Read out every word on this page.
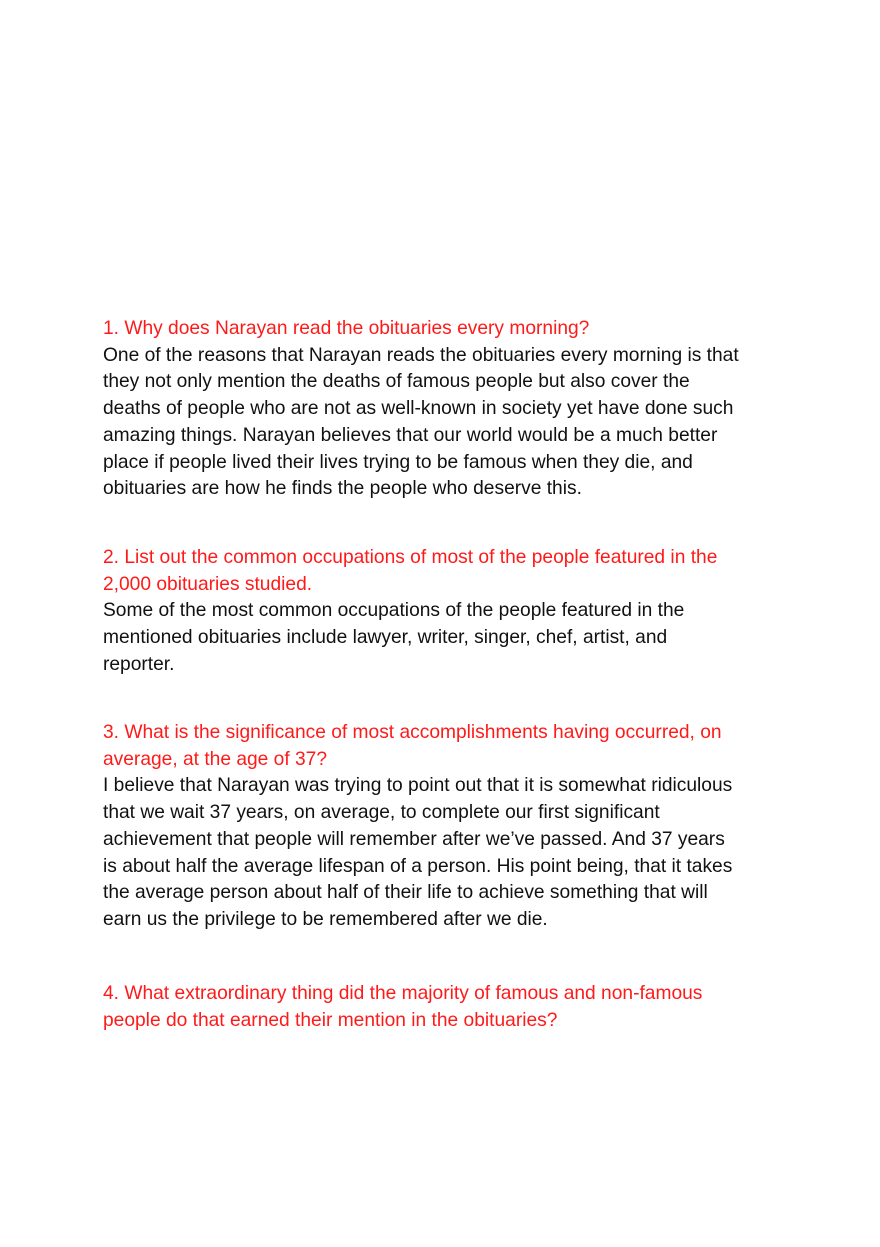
1. Why does Narayan read the obituaries every morning?
One of the reasons that Narayan reads the obituaries every morning is that
they not only mention the deaths of famous people but also cover the
deaths of people who are not as well-known in society yet have done such
amazing things. Narayan believes that our world would be a much better
place if people lived their lives trying to be famous when they die, and
obituaries are how he finds the people who deserve this.
2. List out the common occupations of most of the people featured in the
2,000 obituaries studied.
Some of the most common occupations of the people featured in the
mentioned obituaries include lawyer, writer, singer, chef, artist, and
reporter.
3. What is the significance of most accomplishments having occurred, on
average, at the age of 37?
I believe that Narayan was trying to point out that it is somewhat ridiculous
that we wait 37 years, on average, to complete our first significant
achievement that people will remember after we’ve passed. And 37 years
is about half the average lifespan of a person. His point being, that it takes
the average person about half of their life to achieve something that will
earn us the privilege to be remembered after we die.
4. What extraordinary thing did the majority of famous and non-famous
people do that earned their mention in the obituaries?
